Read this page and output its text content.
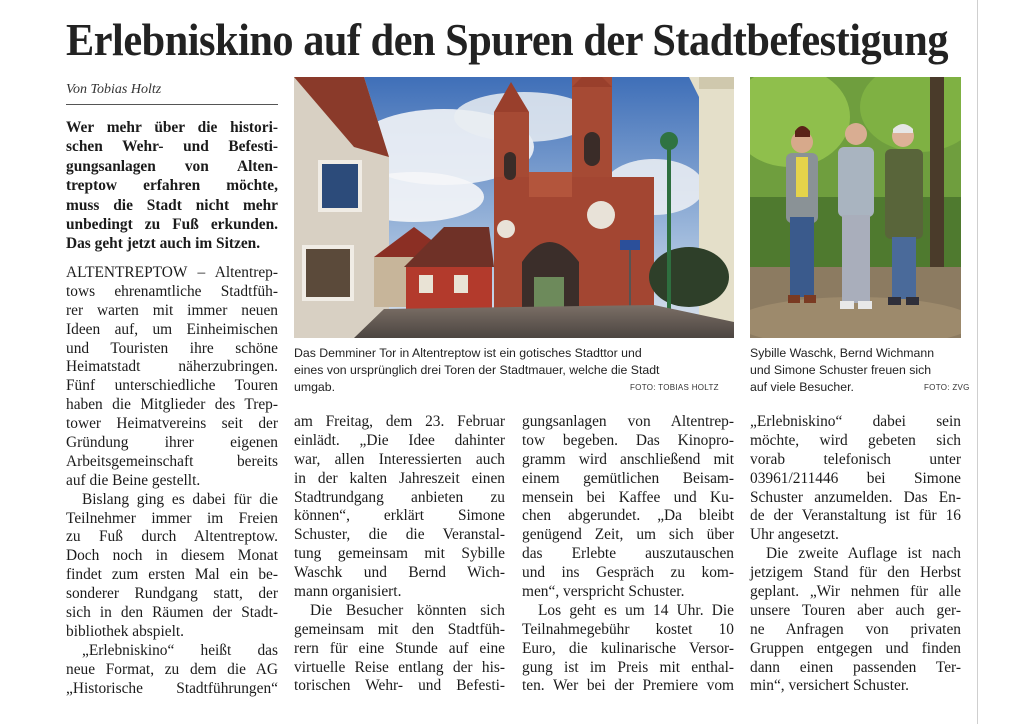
Erlebniskino auf den Spuren der Stadtbefestigung
Von Tobias Holtz
Wer mehr über die histori-
schen Wehr- und Befesti-
gungsanlagen von Alten-
treptow erfahren möchte,
muss die Stadt nicht mehr
unbedingt zu Fuß erkunden.
Das geht jetzt auch im Sitzen.
Das Demminer Tor in Altentreptow ist ein gotisches Stadttor und
eines von ursprünglich drei Toren der Stadtmauer, welche die Stadt
umgab.	FOTO: TOBIAS HOLTZ
Sybille Waschk, Bernd Wichmann
und Simone Schuster freuen sich
auf viele Besucher.	FOTO: ZVG
ALTENTREPTOW – Altentrep-
tows ehrenamtliche Stadtfüh-
rer warten mit immer neuen
Ideen auf, um Einheimischen
und Touristen ihre schöne
Heimatstadt näherzubringen.
Fünf unterschiedliche Touren
haben die Mitglieder des Trep-
tower Heimatvereins seit der
Gründung ihrer eigenen
Arbeitsgemeinschaft bereits
auf die Beine gestellt.
Bislang ging es dabei für die
Teilnehmer immer im Freien
zu Fuß durch Altentreptow.
Doch noch in diesem Monat
findet zum ersten Mal ein be-
sonderer Rundgang statt, der
sich in den Räumen der Stadt-
bibliothek abspielt.
„Erlebniskino“ heißt das
neue Format, zu dem die AG
„Historische Stadtführungen“
am Freitag, dem 23. Februar
einlädt. „Die Idee dahinter
war, allen Interessierten auch
in der kalten Jahreszeit einen
Stadtrundgang anbieten zu
können“, erklärt Simone
Schuster, die die Veranstal-
tung gemeinsam mit Sybille
Waschk und Bernd Wich-
mann organisiert.
Die Besucher könnten sich
gemeinsam mit den Stadtfüh-
rern für eine Stunde auf eine
virtuelle Reise entlang der his-
torischen Wehr- und Befesti-
gungsanlagen von Altentrep-
tow begeben. Das Kinopro-
gramm wird anschließend mit
einem gemütlichen Beisam-
mensein bei Kaffee und Ku-
chen abgerundet. „Da bleibt
genügend Zeit, um sich über
das Erlebte auszutauschen
und ins Gespräch zu kom-
men“, verspricht Schuster.
Los geht es um 14 Uhr. Die
Teilnahmegebühr kostet 10
Euro, die kulinarische Versor-
gung ist im Preis mit enthal-
ten. Wer bei der Premiere vom
„Erlebniskino“ dabei sein
möchte, wird gebeten sich
vorab telefonisch unter
03961/211446 bei Simone
Schuster anzumelden. Das En-
de der Veranstaltung ist für 16
Uhr angesetzt.
Die zweite Auflage ist nach
jetzigem Stand für den Herbst
geplant. „Wir nehmen für alle
unsere Touren aber auch ger-
ne Anfragen von privaten
Gruppen entgegen und finden
dann einen passenden Ter-
min“, versichert Schuster.
